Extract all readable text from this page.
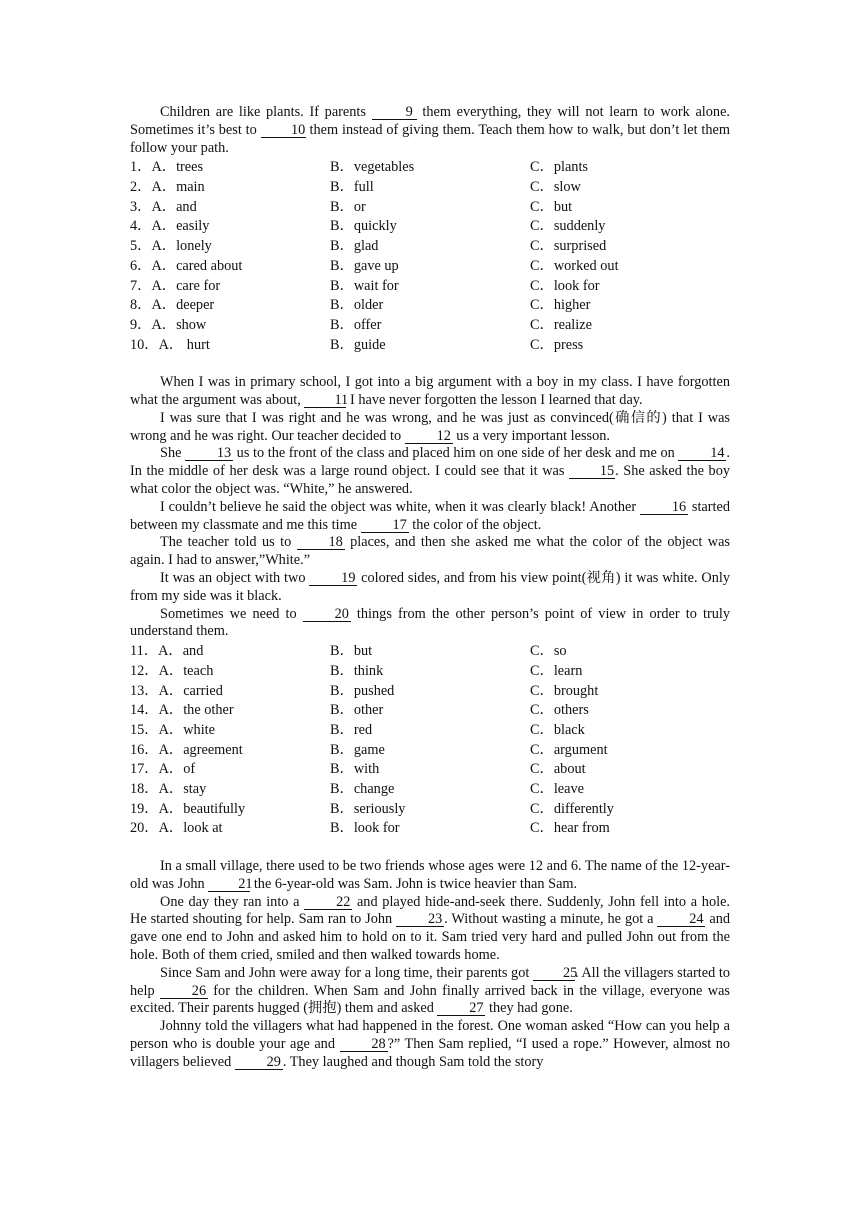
Children are like plants. If parents 9 them everything, they will not learn to work alone. Sometimes it’s best to 10 them instead of giving them. Teach them how to walk, but don’t let them follow your path.

1．A．trees	B．vegetables	C．plants
2．A．main	B．full	C．slow
3．A．and	B．or	C．but
4．A．easily	B．quickly	C．suddenly
5．A．lonely	B．glad	C．surprised
6．A．cared about	B．gave up	C．worked out
7．A．care for	B．wait for	C．look for
8．A．deeper	B．older	C．higher
9．A．show	B．offer	C．realize
10．A． hurt	B．guide	C．press

When I was in primary school, I got into a big argument with a boy in my class. I have forgotten what the argument was about, 11 I have never forgotten the lesson I learned that day.

I was sure that I was right and he was wrong, and he was just as convinced(确信的) that I was wrong and he was right. Our teacher decided to 12 us a very important lesson.

She 13 us to the front of the class and placed him on one side of her desk and me on 14 . In the middle of her desk was a large round object. I could see that it was 15. She asked the boy what color the object was. “White,” he answered.

I couldn’t believe he said the object was white, when it was clearly black! Another 16 started between my classmate and me this time 17 the color of the object.

The teacher told us to 18 places, and then she asked me what the color of the object was again. I had to answer,”White.”

It was an object with two 19 colored sides, and from his view point(视角) it was white. Only from my side was it black.

Sometimes we need to 20 things from the other person’s point of view in order to truly understand them.

11．A．and	B．but	C．so
12．A．teach	B．think	C．learn
13．A．carried	B．pushed	C．brought
14．A．the other	B．other	C．others
15．A．white	B．red	C．black
16．A．agreement	B．game	C．argument
17．A．of	B．with	C．about
18．A．stay	B．change	C．leave
19．A．beautifully	B．seriously	C．differently
20．A．look at	B．look for	C．hear from

In a small village, there used to be two friends whose ages were 12 and 6. The name of the 12-year-old was John 21 the 6-year-old was Sam. John is twice heavier than Sam.

One day they ran into a 22 and played hide-and-seek there. Suddenly, John fell into a hole. He started shouting for help. Sam ran to John 23 . Without wasting a minute, he got a 24 and gave one end to John and asked him to hold on to it. Sam tried very hard and pulled John out from the hole. Both of them cried, smiled and then walked towards home.

Since Sam and John were away for a long time, their parents got 25. All the villagers started to help 26 for the children. When Sam and John finally arrived back in the village, everyone was excited. Their parents hugged (拥抱) them and asked 27 they had gone.

Johnny told the villagers what had happened in the forest. One woman asked “How can you help a person who is double your age and 28 ?” Then Sam replied, “I used a rope.” However, almost no villagers believed 29 . They laughed and though Sam told the story
